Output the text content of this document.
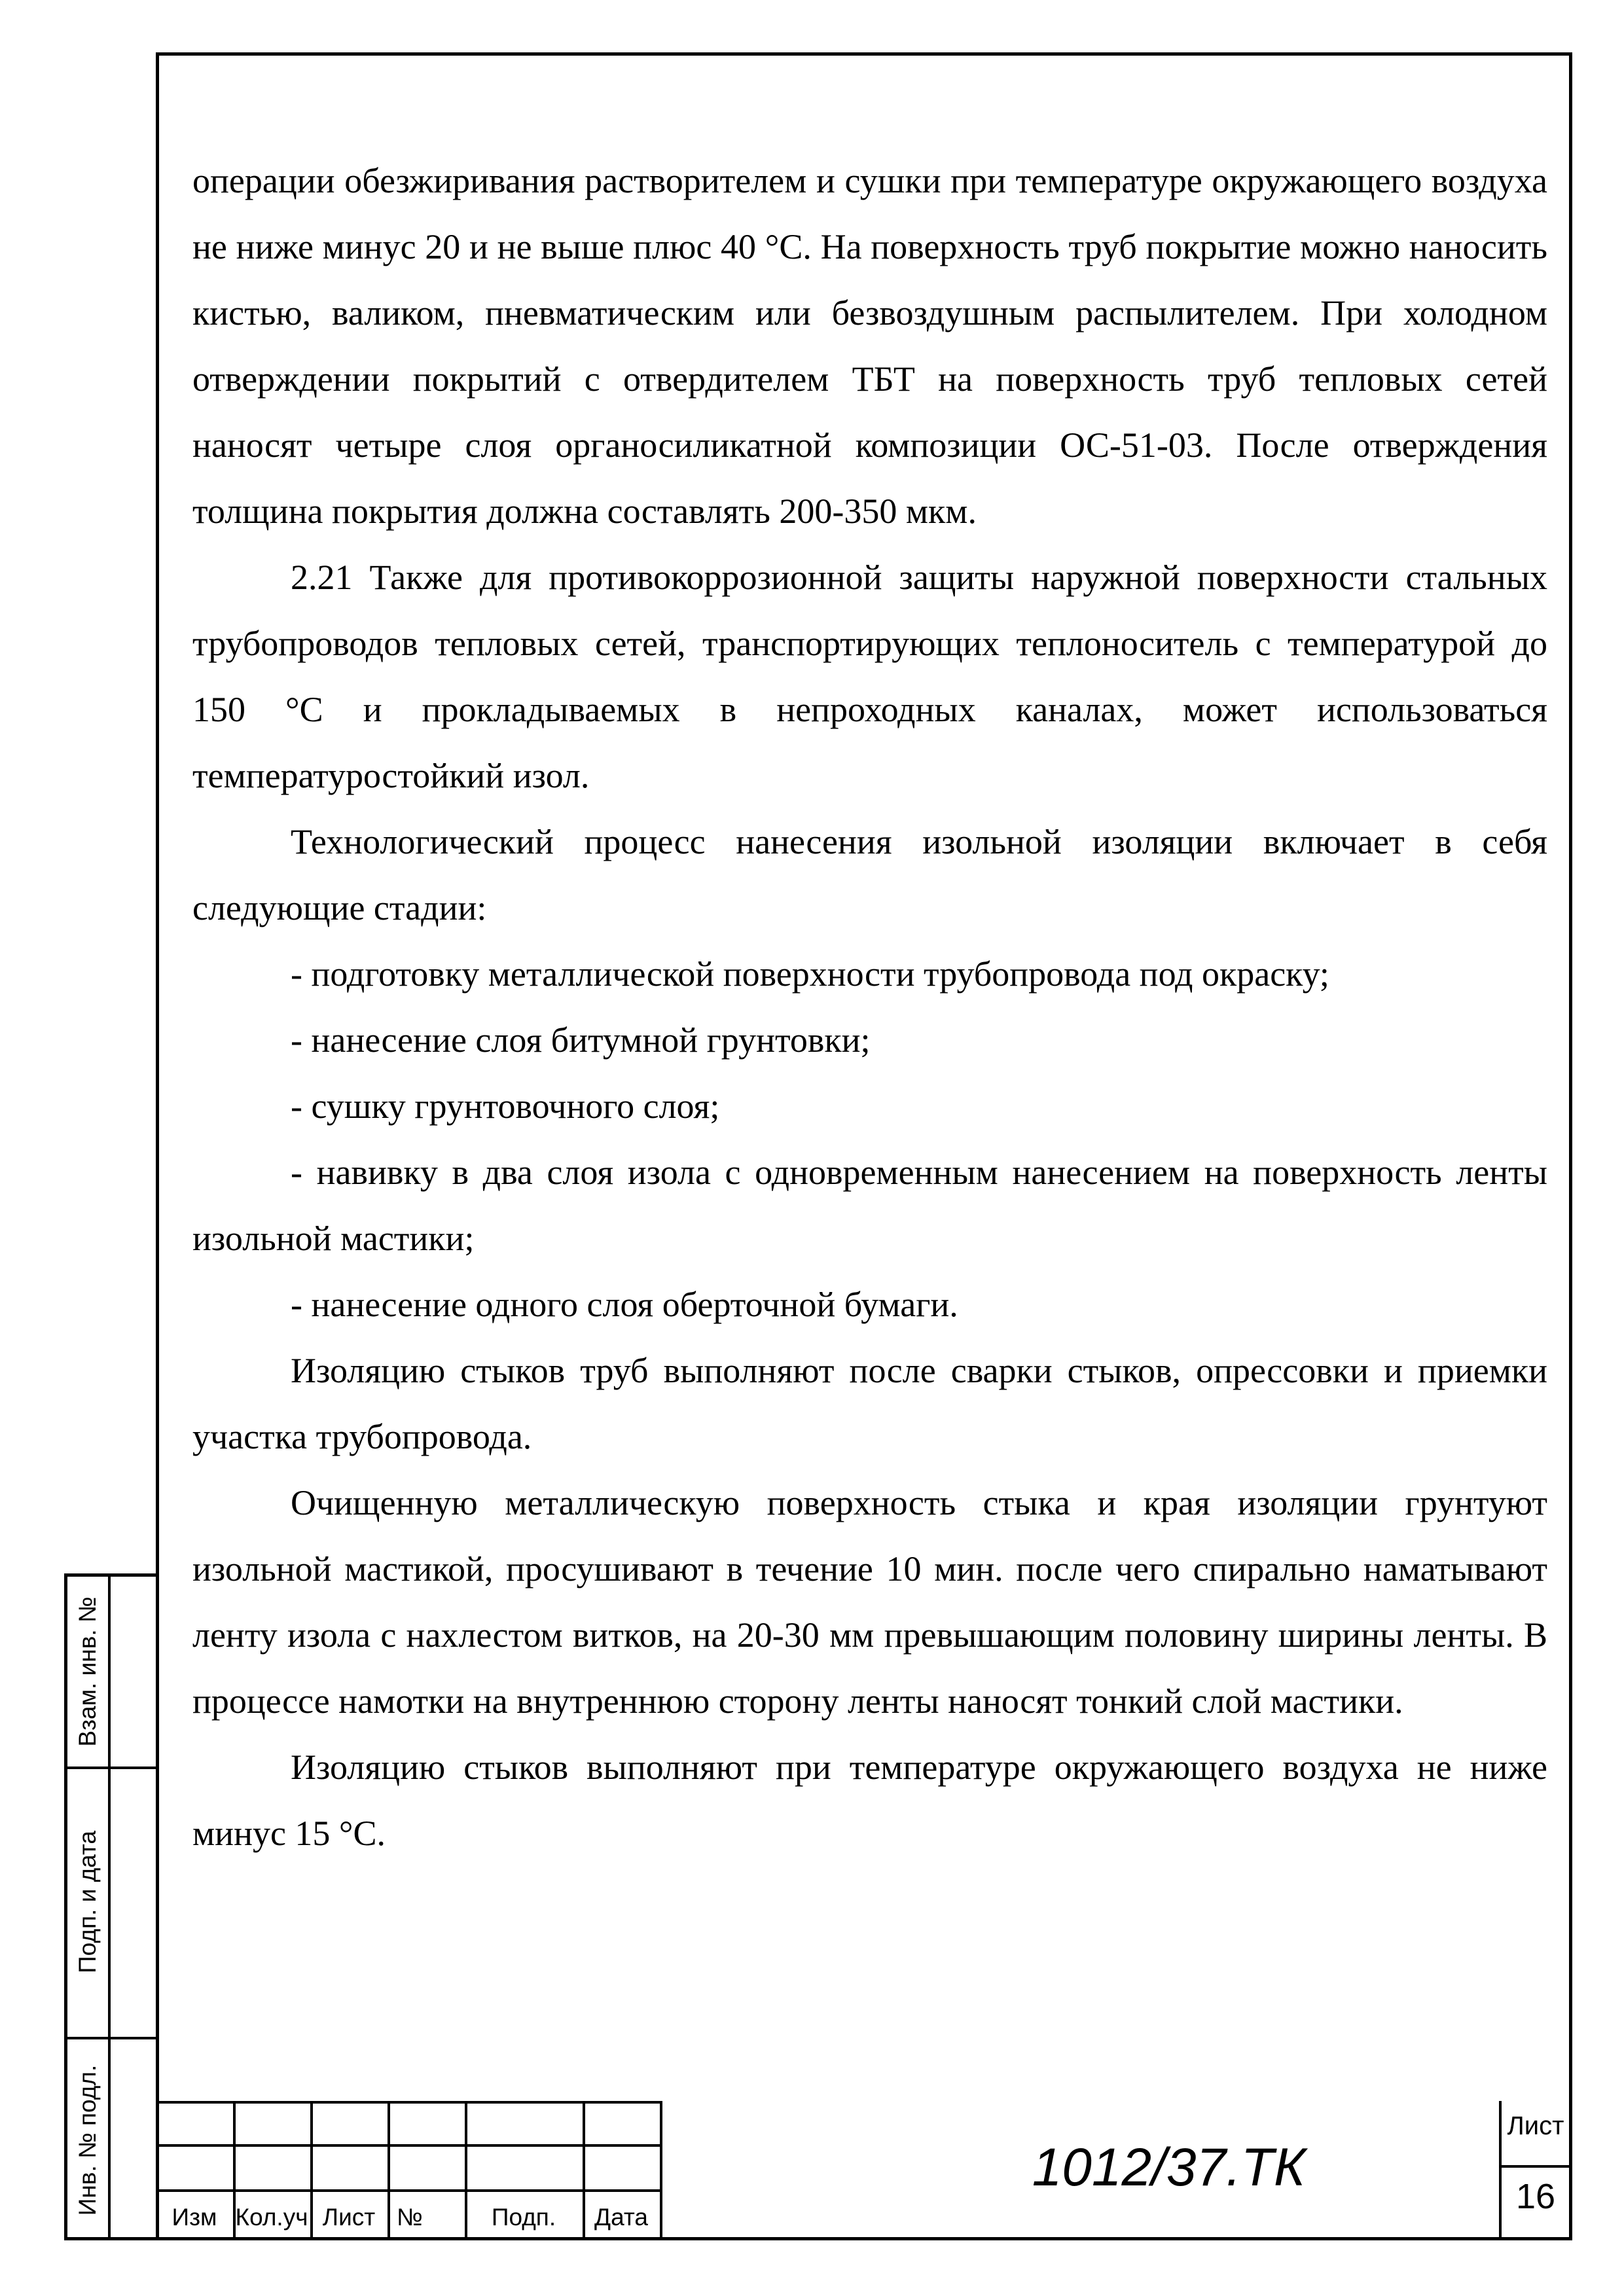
операции обезжиривания растворителем и сушки при температуре окружающего воздуха не ниже минус 20 и не выше плюс 40 °С. На поверхность труб покрытие можно наносить кистью, валиком, пневматическим или безвоздушным распылителем. При холодном отверждении покрытий с отвердителем ТБТ на поверхность труб тепловых сетей наносят четыре слоя органосиликатной композиции ОС-51-03. После отверждения толщина покрытия должна составлять 200-350 мкм.

2.21 Также для противокоррозионной защиты наружной поверхности стальных трубопроводов тепловых сетей, транспортирующих теплоноситель с температурой до 150 °С и прокладываемых в непроходных каналах, может использоваться температуростойкий изол.

Технологический процесс нанесения изольной изоляции включает в себя следующие стадии:

- подготовку металлической поверхности трубопровода под окраску;

- нанесение слоя битумной грунтовки;

- сушку грунтовочного слоя;

- навивку в два слоя изола с одновременным нанесением на поверхность ленты изольной мастики;

- нанесение одного слоя оберточной бумаги.

Изоляцию стыков труб выполняют после сварки стыков, опрессовки и приемки участка трубопровода.

Очищенную металлическую поверхность стыка и края изоляции грунтуют изольной мастикой, просушивают в течение 10 мин. после чего спирально наматывают ленту изола с нахлестом витков, на 20-30 мм превышающим половину ширины ленты. В процессе намотки на внутреннюю сторону ленты наносят тонкий слой мастики.

Изоляцию стыков выполняют при температуре окружающего воздуха не ниже минус 15 °С.

Взам. инв. №
Подп. и дата
Инв. № подл.
Изм Кол.уч Лист №	Подп.	Дата
1012/37.ТК
Лист
16
